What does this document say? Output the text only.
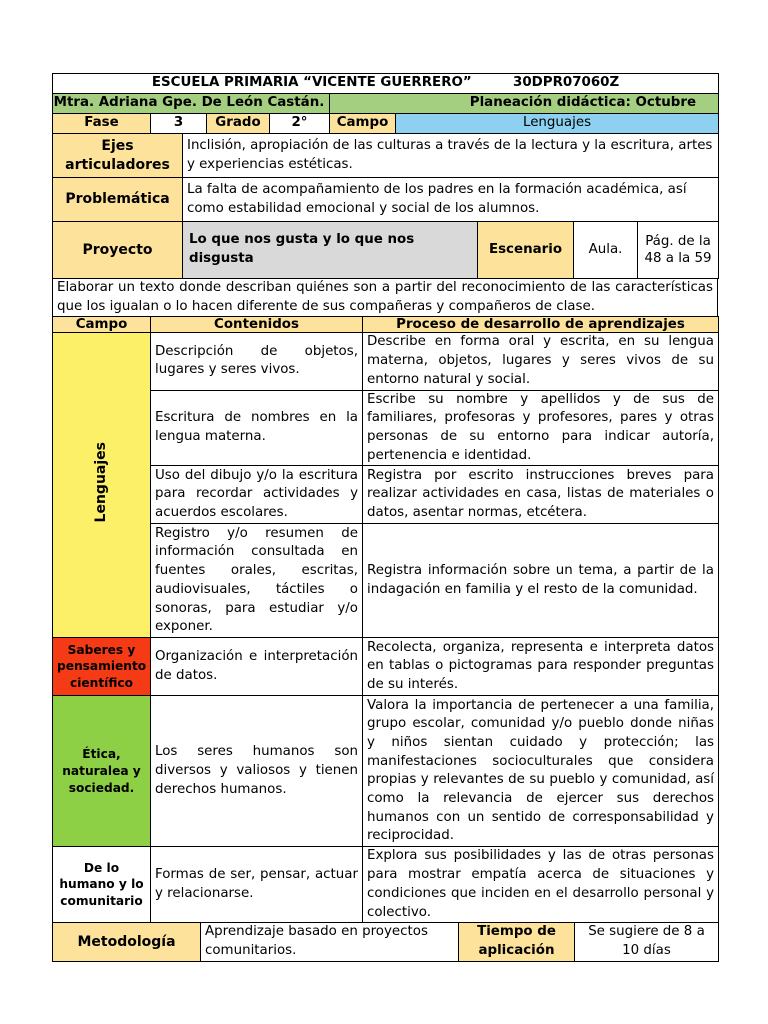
ESCUELA PRIMARIA “VICENTE GUERRERO” 30DPR07060Z					
Mtra. Adriana Gpe. De León Castán.				Planeación didáctica: Octubre	
Fase	3	Grado	2°	Campo	Lenguajes
Ejes articuladores	Inclisión, apropiación de las culturas a través de la lectura y la escritura, artes y experiencias estéticas.			
Problemática	La falta de acompañamiento de los padres en la formación académica, así como estabilidad emocional y social de los alumnos.			
Proyecto	Lo que nos gusta y lo que nos disgusta	Escenario	Aula.	Pág. de la 48 a la 59
Elaborar un texto donde describan quiénes son a partir del reconocimiento de las características que los igualan o lo hacen diferente de sus compañeras y compañeros de clase.
Campo	Contenidos	Proceso de desarrollo de aprendizajes
Lenguajes	Descripción de objetos, lugares y seres vivos.	Describe en forma oral y escrita, en su lengua materna, objetos, lugares y seres vivos de su entorno natural y social.
	Escritura de nombres en la lengua materna.	Escribe su nombre y apellidos y de sus de familiares, profesoras y profesores, pares y otras personas de su entorno para indicar autoría, pertenencia e identidad.
	Uso del dibujo y/o la escritura para recordar actividades y acuerdos escolares.	Registra por escrito instrucciones breves para realizar actividades en casa, listas de materiales o datos, asentar normas, etcétera.
	Registro y/o resumen de información consultada en fuentes orales, escritas, audiovisuales, táctiles o sonoras, para estudiar y/o exponer.	Registra información sobre un tema, a partir de la indagación en familia y el resto de la comunidad.
Saberes y pensamiento científico	Organización e interpretación de datos.	Recolecta, organiza, representa e interpreta datos en tablas o pictogramas para responder preguntas de su interés.
Ética, naturalea y sociedad.	Los seres humanos son diversos y valiosos y tienen derechos humanos.	Valora la importancia de pertenecer a una familia, grupo escolar, comunidad y/o pueblo donde niñas y niños sientan cuidado y protección; las manifestaciones socioculturales que considera propias y relevantes de su pueblo y comunidad, así como la relevancia de ejercer sus derechos humanos con un sentido de corresponsabilidad y reciprocidad.
De lo humano y lo comunitario	Formas de ser, pensar, actuar y relacionarse.	Explora sus posibilidades y las de otras personas para mostrar empatía acerca de situaciones y condiciones que inciden en el desarrollo personal y colectivo.
Metodología	Aprendizaje basado en proyectos comunitarios.	Tiempo de aplicación	Se sugiere de 8 a 10 días
